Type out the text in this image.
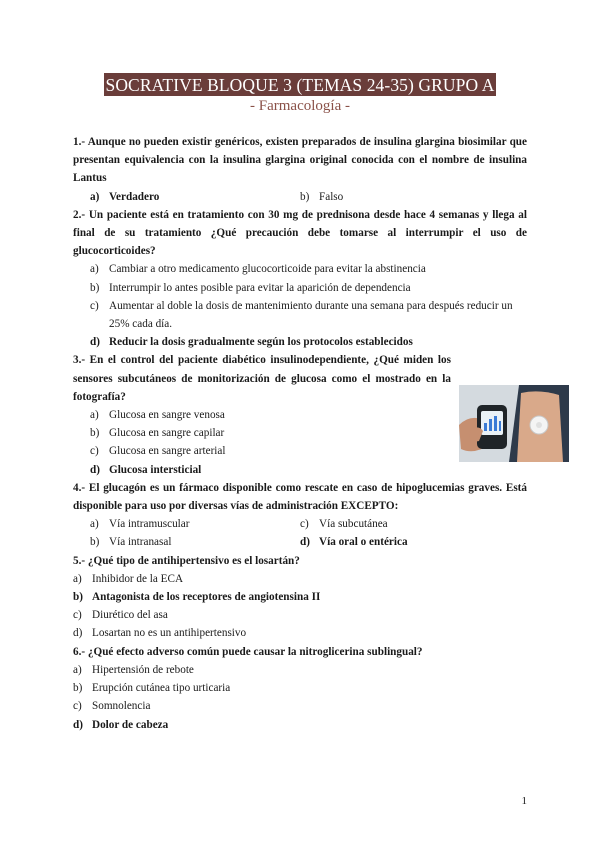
SOCRATIVE BLOQUE 3 (TEMAS 24-35) GRUPO A
- Farmacología -

1.- Aunque no pueden existir genéricos, existen preparados de insulina glargina biosimilar que presentan equivalencia con la insulina glargina original conocida con el nombre de insulina Lantus

a) Verdadero	b) Falso

2.- Un paciente está en tratamiento con 30 mg de prednisona desde hace 4 semanas y llega al final de su tratamiento ¿Qué precaución debe tomarse al interrumpir el uso de glucocorticoides?

a) Cambiar a otro medicamento glucocorticoide para evitar la abstinencia
b) Interrumpir lo antes posible para evitar la aparición de dependencia
c) Aumentar al doble la dosis de mantenimiento durante una semana para después reducir un 25% cada día.
d) Reducir la dosis gradualmente según los protocolos establecidos

3.- En el control del paciente diabético insulinodependiente, ¿Qué miden los sensores subcutáneos de monitorización de glucosa como el mostrado en la fotografía?

a) Glucosa en sangre venosa
b) Glucosa en sangre capilar
c) Glucosa en sangre arterial
d) Glucosa intersticial

4.- El glucagón es un fármaco disponible como rescate en caso de hipoglucemias graves. Está disponible para uso por diversas vías de administración EXCEPTO:

a) Vía intramuscular
b) Vía intranasal
c) Vía subcutánea
d) Vía oral o entérica

5.- ¿Qué tipo de antihipertensivo es el losartán?

a) Inhibidor de la ECA
b) Antagonista de los receptores de angiotensina II
c) Diurético del asa
d) Losartan no es un antihipertensivo

6.- ¿Qué efecto adverso común puede causar la nitroglicerina sublingual?

a) Hipertensión de rebote
b) Erupción cutánea tipo urticaria
c) Somnolencia
d) Dolor de cabeza
1
